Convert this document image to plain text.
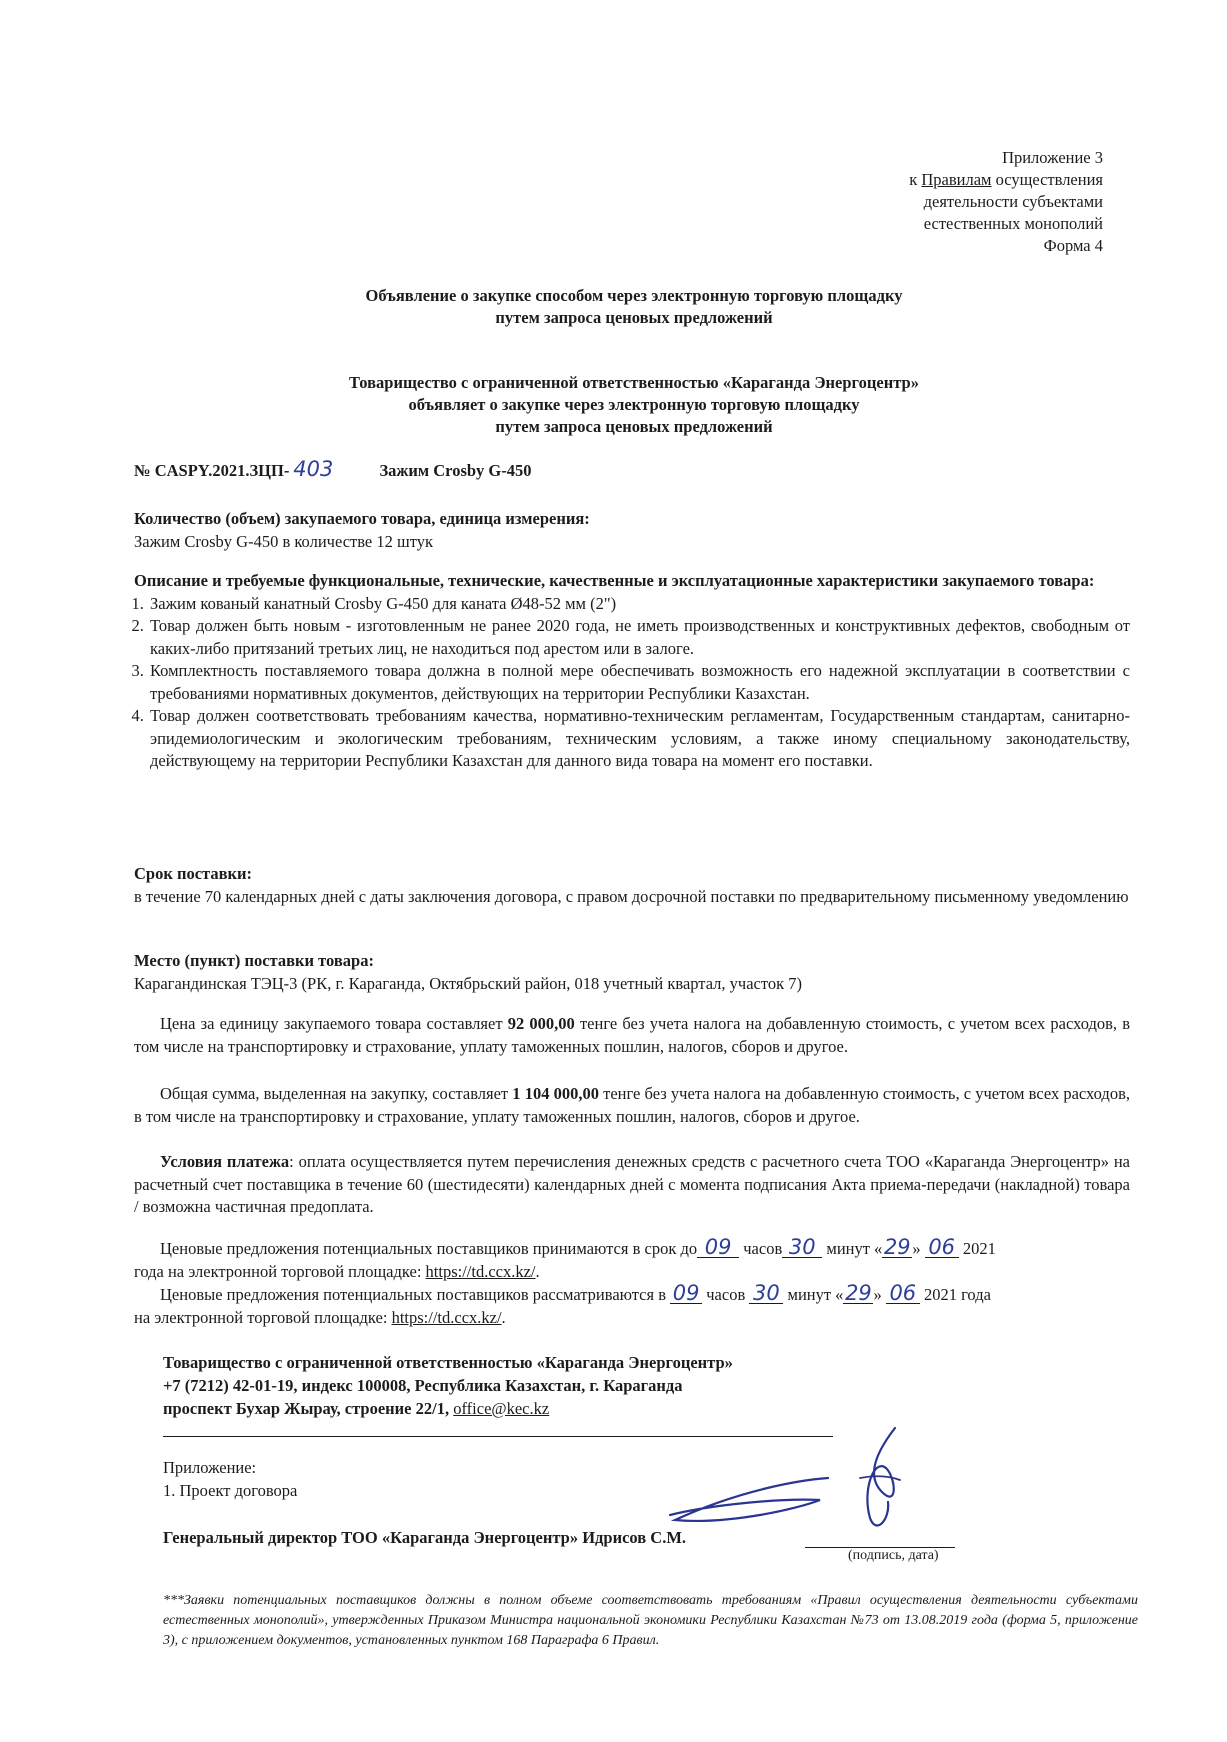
Приложение 3
к Правилам осуществления
деятельности субъектами
естественных монополий
Форма 4
Объявление о закупке способом через электронную торговую площадку
путем запроса ценовых предложений
Товарищество с ограниченной ответственностью «Караганда Энергоцентр»
объявляет о закупке через электронную торговую площадку
путем запроса ценовых предложений
№ CASPY.2021.ЗЦП- 403	Зажим Crosby G-450
Количество (объем) закупаемого товара, единица измерения:
Зажим Crosby G-450 в количестве 12 штук
Описание и требуемые функциональные, технические, качественные и эксплуатационные характеристики закупаемого товара:
1. Зажим кованый канатный Crosby G-450 для каната Ø48-52 мм (2")
2. Товар должен быть новым - изготовленным не ранее 2020 года, не иметь производственных и конструктивных дефектов, свободным от каких-либо притязаний третьих лиц, не находиться под арестом или в залоге.
3. Комплектность поставляемого товара должна в полной мере обеспечивать возможность его надежной эксплуатации в соответствии с требованиями нормативных документов, действующих на территории Республики Казахстан.
4. Товар должен соответствовать требованиям качества, нормативно-техническим регламентам, Государственным стандартам, санитарно-эпидемиологическим и экологическим требованиям, техническим условиям, а также иному специальному законодательству, действующему на территории Республики Казахстан для данного вида товара на момент его поставки.
Срок поставки:
в течение 70 календарных дней с даты заключения договора, с правом досрочной поставки по предварительному письменному уведомлению
Место (пункт) поставки товара:
Карагандинская ТЭЦ-3 (РК, г. Караганда, Октябрьский район, 018 учетный квартал, участок 7)
Цена за единицу закупаемого товара составляет 92 000,00 тенге без учета налога на добавленную стоимость, с учетом всех расходов, в том числе на транспортировку и страхование, уплату таможенных пошлин, налогов, сборов и другое.
Общая сумма, выделенная на закупку, составляет 1 104 000,00 тенге без учета налога на добавленную стоимость, с учетом всех расходов, в том числе на транспортировку и страхование, уплату таможенных пошлин, налогов, сборов и другое.
Условия платежа: оплата осуществляется путем перечисления денежных средств с расчетного счета ТОО «Караганда Энергоцентр» на расчетный счет поставщика в течение 60 (шестидесяти) календарных дней с момента подписания Акта приема-передачи (накладной) товара / возможна частичная предоплата.
Ценовые предложения потенциальных поставщиков принимаются в срок до 09 часов 30 минут «29» 06 2021
года на электронной торговой площадке: https://td.ccx.kz/.
Ценовые предложения потенциальных поставщиков рассматриваются в 09 часов 30 минут «29» 06 2021 года
на электронной торговой площадке: https://td.ccx.kz/.
Товарищество с ограниченной ответственностью «Караганда Энергоцентр»
+7 (7212) 42-01-19, индекс 100008, Республика Казахстан, г. Караганда
проспект Бухар Жырау, строение 22/1, office@kec.kz
Приложение:
1. Проект договора
Генеральный директор ТОО «Караганда Энергоцентр» Идрисов С.М.
(подпись, дата)
***Заявки потенциальных поставщиков должны в полном объеме соответствовать требованиям «Правил осуществления деятельности субъектами естественных монополий», утвержденных Приказом Министра национальной экономики Республики Казахстан №73 от 13.08.2019 года (форма 5, приложение 3), с приложением документов, установленных пунктом 168 Параграфа 6 Правил.
